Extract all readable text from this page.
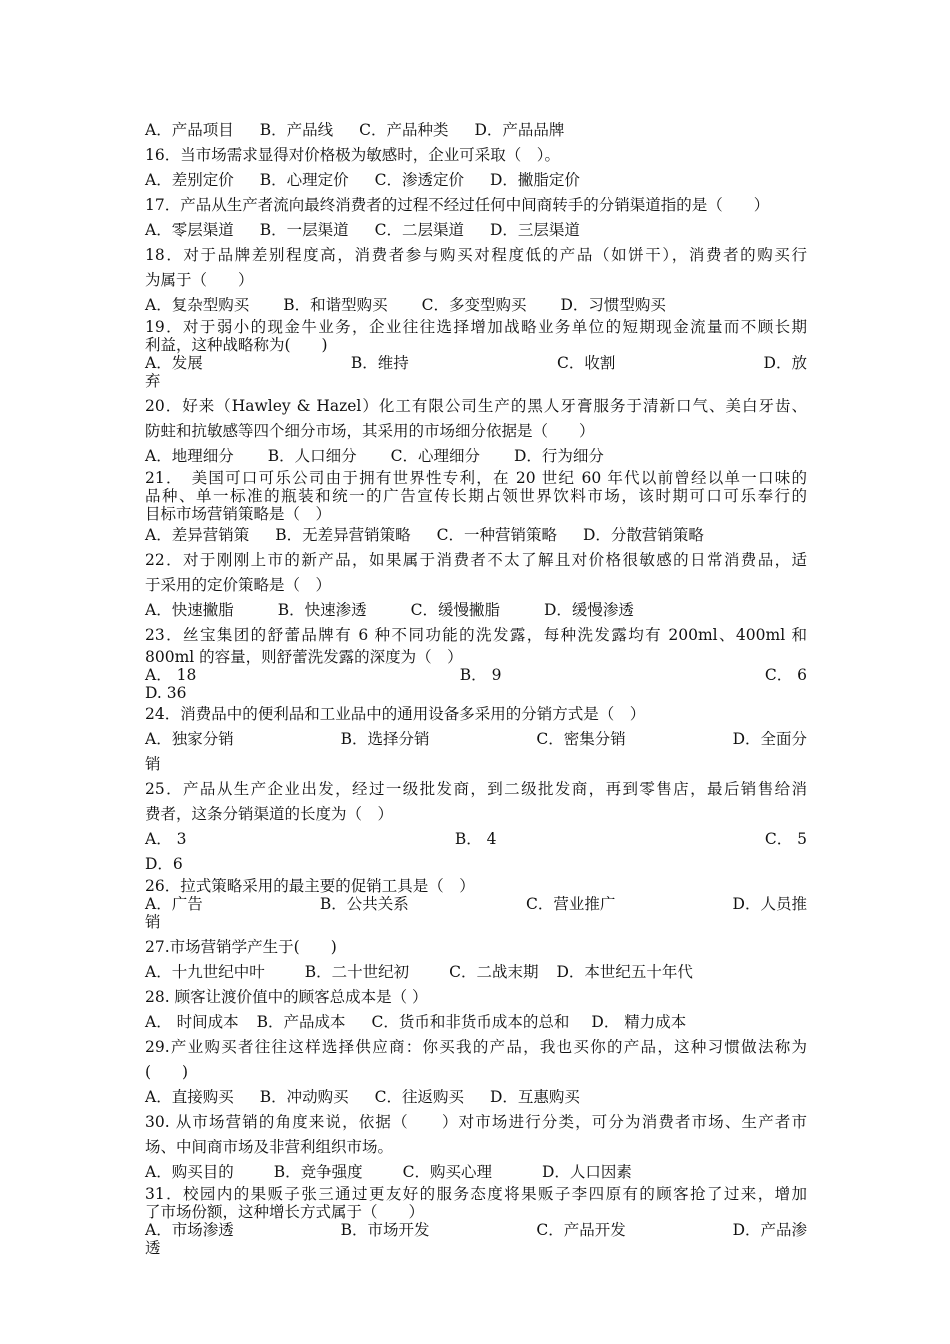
A．产品项目 B．产品线 C．产品种类 D．产品品牌
16．当市场需求显得对价格极为敏感时，企业可采取（　）。
A．差别定价 B．心理定价 C．渗透定价 D．撇脂定价
17．产品从生产者流向最终消费者的过程不经过任何中间商转手的分销渠道指的是（　　）
A．零层渠道 B．一层渠道 C．二层渠道 D．三层渠道
18．对于品牌差别程度高，消费者参与购买对程度低的产品（如饼干），消费者的购买行
为属于（　　）
A．复杂型购买 B．和谐型购买 C．多变型购买 D．习惯型购买
19．对于弱小的现金牛业务，企业往往选择增加战略业务单位的短期现金流量而不顾长期
利益，这种战略称为(　　)
A．发展	B．维持	C．收割	D．放
弃
20．好来（Hawley & Hazel）化工有限公司生产的黑人牙膏服务于清新口气、美白牙齿、
防蛀和抗敏感等四个细分市场，其采用的市场细分依据是（　　）
A．地理细分 B．人口细分 C．心理细分 D．行为细分
21．　美国可口可乐公司由于拥有世界性专利，在 20 世纪 60 年代以前曾经以单一口味的
品种、单一标准的瓶装和统一的广告宣传长期占领世界饮料市场，该时期可口可乐奉行的
目标市场营销策略是（　）
A．差异营销策 B．无差异营销策略 C．一种营销策略 D．分散营销策略
22．对于刚刚上市的新产品，如果属于消费者不太了解且对价格很敏感的日常消费品，适
于采用的定价策略是（　）
A．快速撇脂	B．快速渗透	C．缓慢撇脂	D．缓慢渗透
23．丝宝集团的舒蕾品牌有 6 种不同功能的洗发露，每种洗发露均有 200ml、400ml 和
800ml 的容量，则舒蕾洗发露的深度为（　）
A． 18	B． 9	C． 6
D. 36
24．消费品中的便利品和工业品中的通用设备多采用的分销方式是（　）
A．独家分销	B．选择分销	C．密集分销	D．全面分
销
25．产品从生产企业出发，经过一级批发商，到二级批发商，再到零售店，最后销售给消
费者，这条分销渠道的长度为（　）
A． 3	B． 4	C． 5
D．6
26．拉式策略采用的最主要的促销工具是（　）
A．广告	B．公共关系	C．营业推广	D．人员推
销
27.市场营销学产生于(　　)
A．十九世纪中叶	B．二十世纪初	C．二战末期 D．本世纪五十年代
28. 顾客让渡价值中的顾客总成本是（ ）
A． 时间成本 B．产品成本 C．货币和非货币成本的总和 D． 精力成本
29.产业购买者往往这样选择供应商：你买我的产品，我也买你的产品，这种习惯做法称为
(　　)
A．直接购买 B．冲动购买 C．往返购买 D．互惠购买
30. 从市场营销的角度来说，依据（　　）对市场进行分类，可分为消费者市场、生产者市
场、中间商市场及非营利组织市场。
A．购买目的	B．竞争强度	C．购买心理	D．人口因素
31．校园内的果贩子张三通过更友好的服务态度将果贩子李四原有的顾客抢了过来，增加
了市场份额，这种增长方式属于（　　）
A．市场渗透	B．市场开发	C．产品开发	D．产品渗
透
